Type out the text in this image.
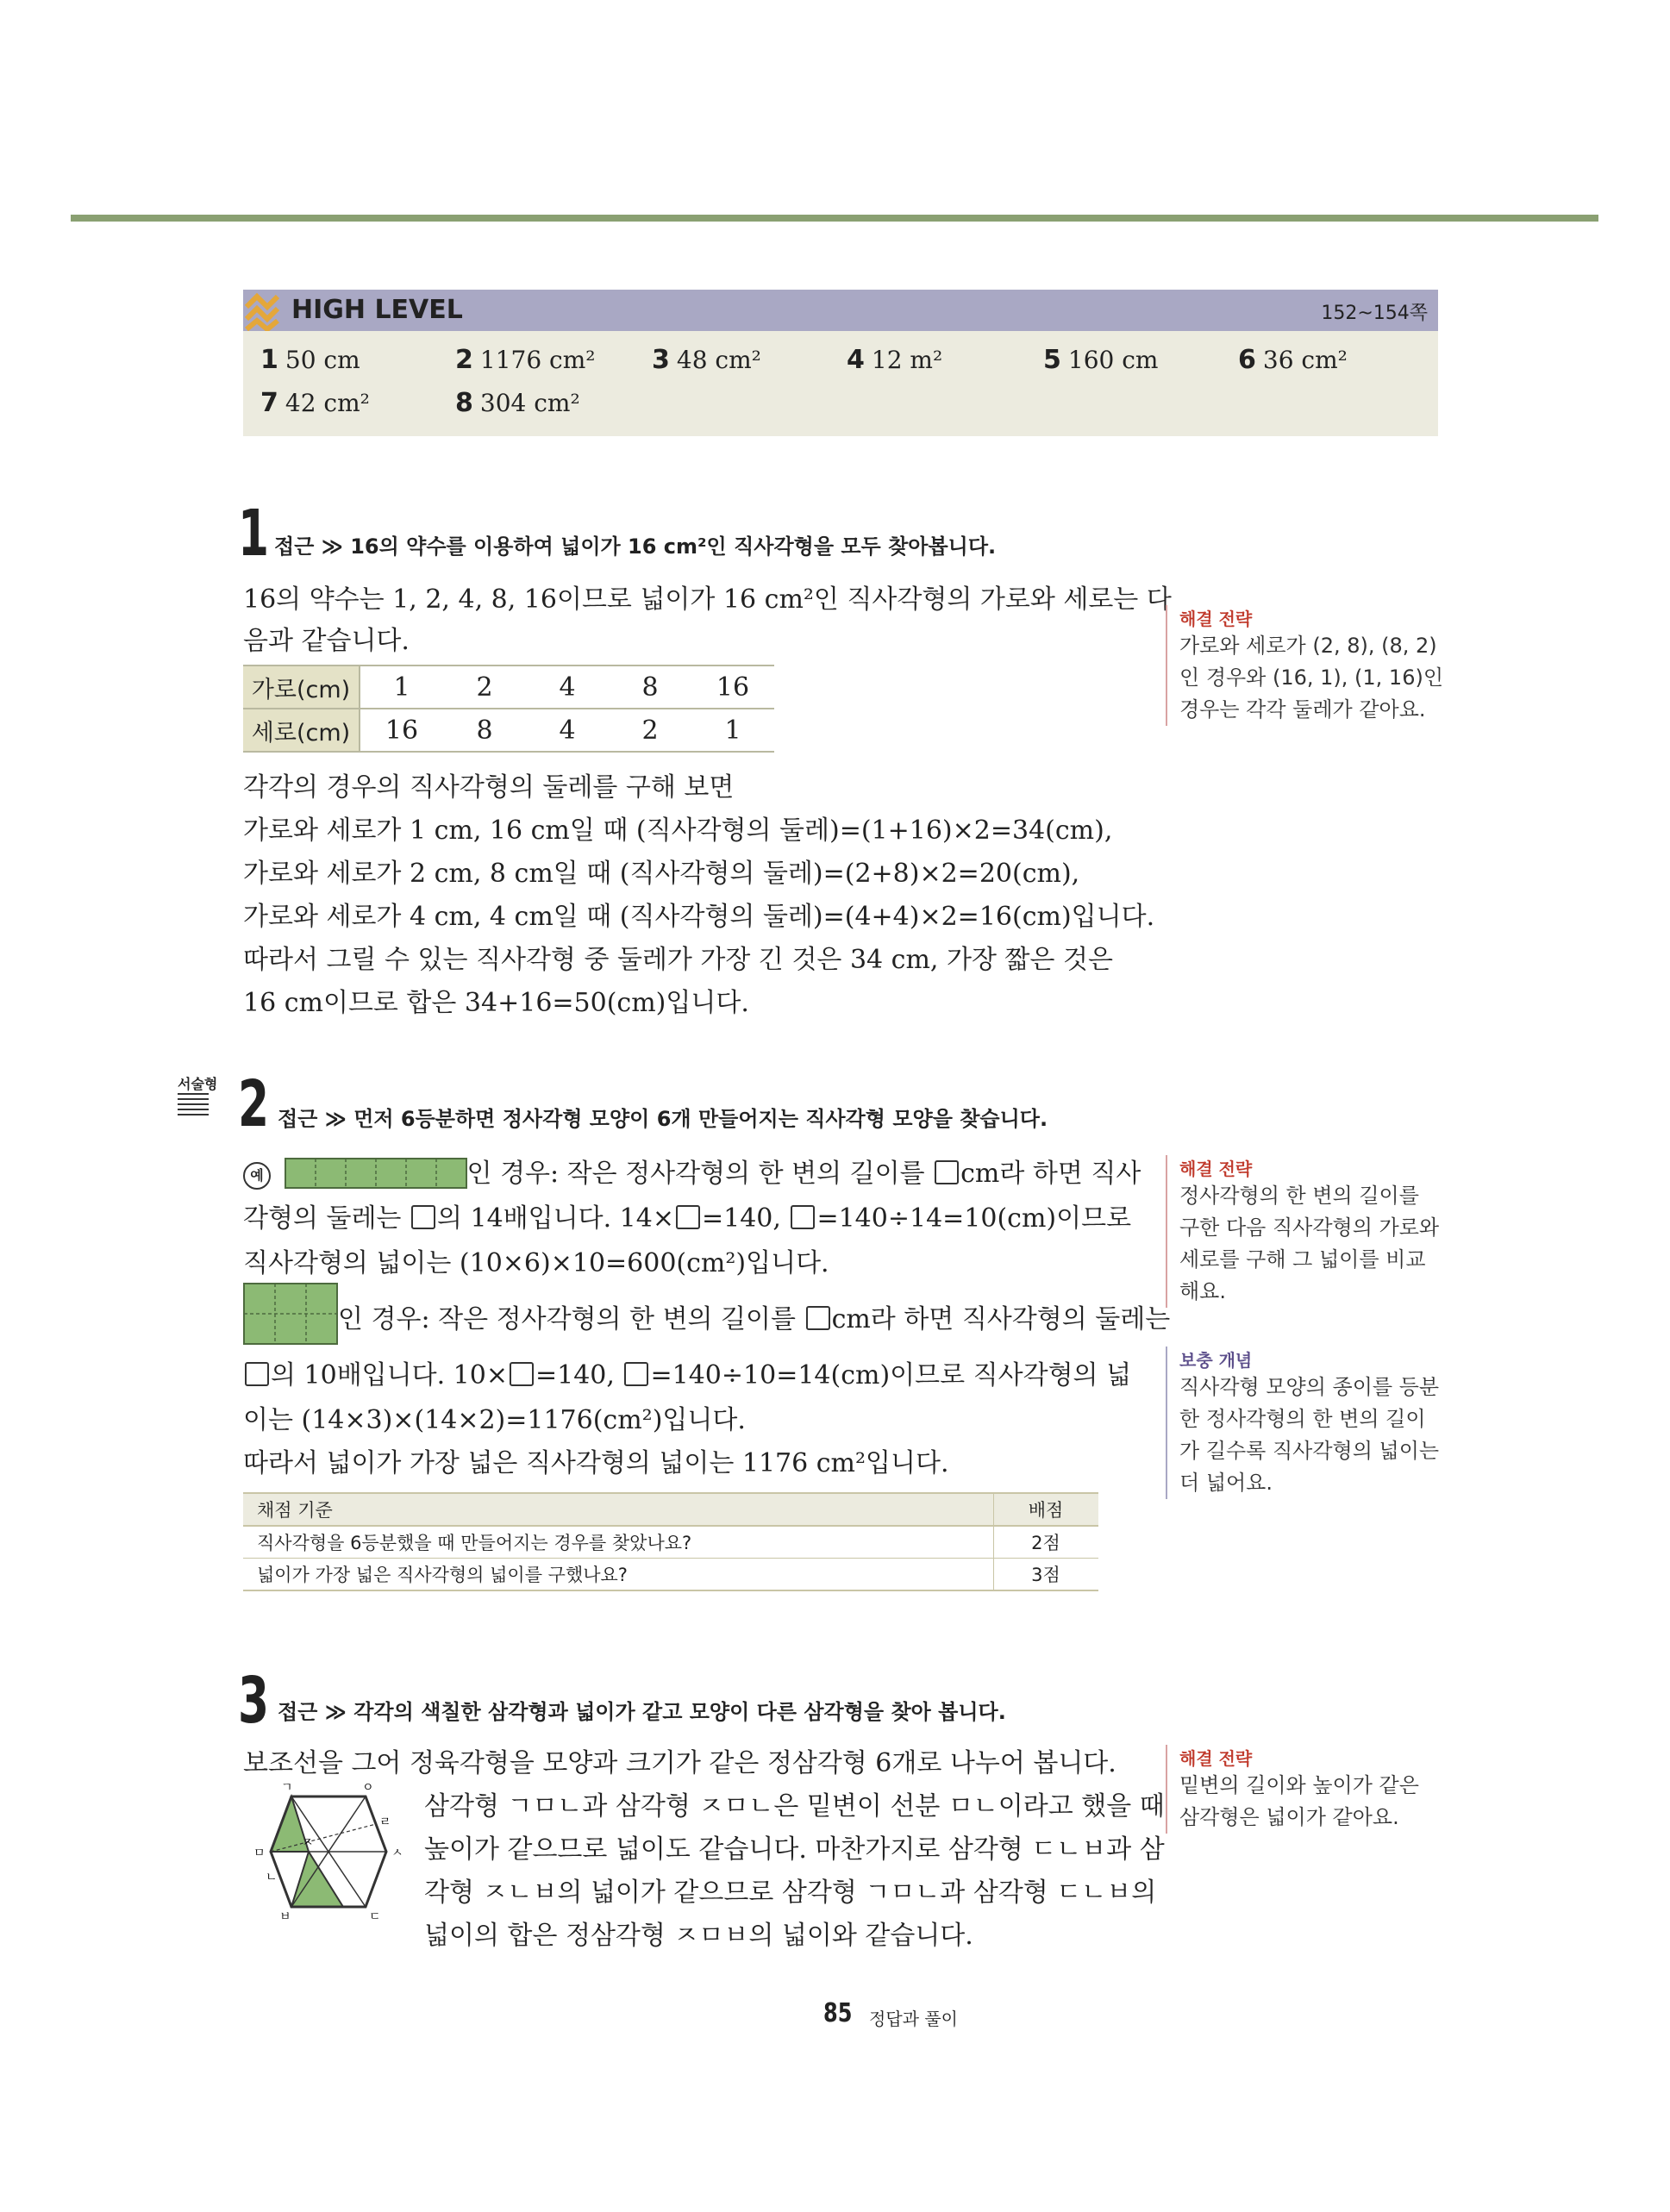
HIGH LEVEL	152~154쪽
1 50 cm	2 1176 cm² 3 48 cm²	4 12 m²	5 160 cm	6 36 cm²
7 42 cm²	8 304 cm²
1 접근 ≫ 16의 약수를 이용하여 넓이가 16 cm²인 직사각형을 모두 찾아봅니다.
16의 약수는 1, 2, 4, 8, 16이므로 넓이가 16 cm²인 직사각형의 가로와 세로는 다
음과 같습니다.
가로(cm)	1	2	4	8	16
세로(cm)	16	8	4	2	1
각각의 경우의 직사각형의 둘레를 구해 보면
가로와 세로가 1 cm, 16 cm일 때 (직사각형의 둘레)=(1+16)×2=34(cm),
가로와 세로가 2 cm, 8 cm일 때 (직사각형의 둘레)=(2+8)×2=20(cm),
가로와 세로가 4 cm, 4 cm일 때 (직사각형의 둘레)=(4+4)×2=16(cm)입니다.
따라서 그릴 수 있는 직사각형 중 둘레가 가장 긴 것은 34 cm, 가장 짧은 것은
16 cm이므로 합은 34+16=50(cm)입니다.
해결 전략
가로와 세로가 (2, 8), (8, 2)
인 경우와 (16, 1), (1, 16)인
경우는 각각 둘레가 같아요.
서술형 2 접근 ≫ 먼저 6등분하면 정사각형 모양이 6개 만들어지는 직사각형 모양을 찾습니다.
예	인 경우: 작은 정사각형의 한 변의 길이를 cm라 하면 직사
각형의 둘레는 의 14배입니다. 14× =140, =140÷14=10(cm)이므로
직사각형의 넓이는 (10×6)×10=600(cm²)입니다.
인 경우: 작은 정사각형의 한 변의 길이를 cm라 하면 직사각형의 둘레는
의 10배입니다. 10× =140, =140÷10=14(cm)이므로 직사각형의 넓
이는 (14×3)×(14×2)=1176(cm²)입니다.
따라서 넓이가 가장 넓은 직사각형의 넓이는 1176 cm²입니다.
채점 기준	배점
직사각형을 6등분했을 때 만들어지는 경우를 찾았나요?	2점
넓이가 가장 넓은 직사각형의 넓이를 구했나요?	3점
해결 전략
정사각형의 한 변의 길이를
구한 다음 직사각형의 가로와
세로를 구해 그 넓이를 비교
해요.
보충 개념
직사각형 모양의 종이를 등분
한 정사각형의 한 변의 길이
가 길수록 직사각형의 넓이는
더 넓어요.
3 접근 ≫ 각각의 색칠한 삼각형과 넓이가 같고 모양이 다른 삼각형을 찾아 봅니다.
보조선을 그어 정육각형을 모양과 크기가 같은 정삼각형 6개로 나누어 봅니다.
ㄱ	ㅇ
ㄹ
ㅅ
ㄷ
ㅂ
ㄴ
ㅁ
ㅈ
삼각형 ㄱㅁㄴ과 삼각형 ㅈㅁㄴ은 밑변이 선분 ㅁㄴ이라고 했을 때
높이가 같으므로 넓이도 같습니다. 마찬가지로 삼각형 ㄷㄴㅂ과 삼
각형 ㅈㄴㅂ의 넓이가 같으므로 삼각형 ㄱㅁㄴ과 삼각형 ㄷㄴㅂ의
넓이의 합은 정삼각형 ㅈㅁㅂ의 넓이와 같습니다.
해결 전략
밑변의 길이와 높이가 같은
삼각형은 넓이가 같아요.
85 정답과 풀이
